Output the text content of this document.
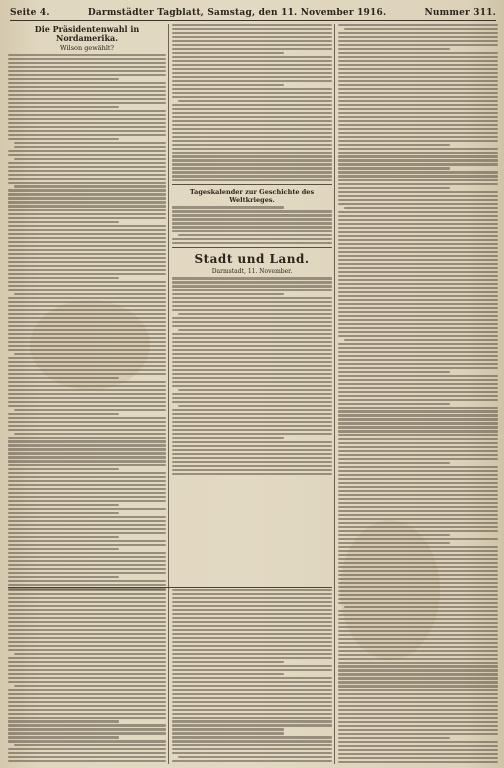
Seite 4.	Darmstädter Tagblatt, Samstag, den 11. November 1916.	Nummer 311.
Die Präsidentenwahl in Nordamerika.
Wilson gewählt?
Tageskalender zur Geschichte des Weltkrieges.
Stadt und Land.
Darmstadt, 11. November.
